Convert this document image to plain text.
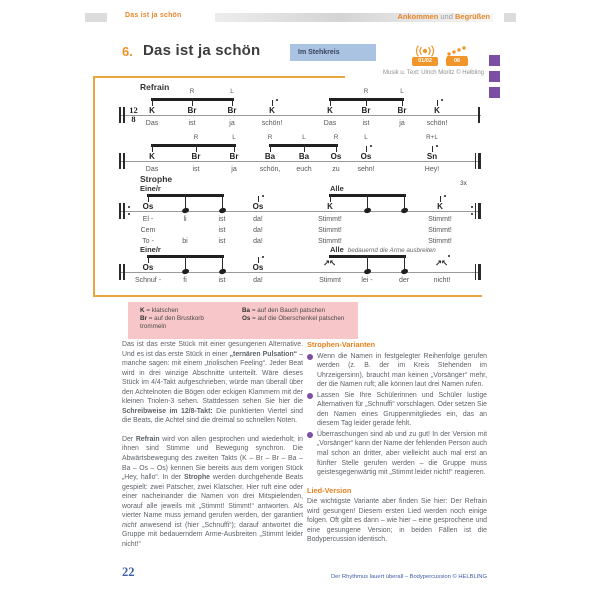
Das ist ja schön	Ankommen und Begrüßen
6. Das ist ja schön	Im Stehkreis
01/02	06
Musik u. Text: Ulrich Moritz © Helbling
Refrain
Strophe
12
8
K
Das
Br
R
ist
Br
L
ja
K
schön!
K
Das
Br
R
ist
Br
L
ja
K
schön!
K
Das
Br
R
ist
Br
L
ja
Ba
R
schön,
Ba
L
euch
Os
R
zu
Os
L
sehn!
Sn
R+L
Hey!
Os
El -
Cem
To -
li
bi
ist
ist
ist
Os
da!
da!
da!
K
Stimmt!
Stimmt!
Stimmt!
K
Stimmt!
Stimmt!
Stimmt!
Eine/r	Alle
3x
Os
Schnuf -	fi	ist
Os
da!
↗
↖
Stimmt	lei -	der
↗
↖
nicht!
Eine/r	Alle bedauernd die Arme ausbreiten
K = klatschen
Br = auf den Brustkorb trommeln
Ba = auf den Bauch patschen
Os = auf die Oberschenkel patschen

Das ist das erste Stück mit einer gesungenen Alternative. Und es ist das erste Stück in einer „ternären Pulsation“ – manche sagen: mit einem „triolischen Feeling“. Jeder Beat wird in drei winzige Abschnitte unterteilt. Wäre dieses Stück im 4/4-Takt aufgeschrieben, würde man überall über den Achtelnoten die Bögen oder eckigen Klammern mit der kleinen Triolen-3 sehen. Stattdessen sehen Sie hier die Schreibweise im 12/8-Takt: Die punktierten Viertel sind die Beats, die Achtel sind die dreimal so schnellen Noten.

Der Refrain wird von allen gesprochen und wiederholt; in ihnen sind Stimme und Bewegung synchron. Die Abwärtsbewegung des zweiten Takts (K – Br – Br – Ba – Ba – Os – Os) kennen Sie bereits aus dem vorigen Stück „Hey, hallo“. In der Strophe werden durchgehende Beats gespielt: zwei Patscher, zwei Klatscher. Hier ruft eine oder einer nacheinander die Namen von drei Mitspielenden, worauf alle jeweils mit „Stimmt! Stimmt!“ antworten. Als vierter Name muss jemand gerufen werden, der garantiert nicht anwesend ist (hier „Schnuffi“); darauf antwortet die Gruppe mit bedauerndem Arme-Ausbreiten „Stimmt leider nicht!“

Strophen-Varianten
Wenn die Namen in festgelegter Reihenfolge gerufen werden (z. B. der im Kreis Stehenden im Uhrzeigersinn), braucht man keinen „Vorsänger“ mehr, der die Namen ruft; alle können laut drei Namen rufen.
Lassen Sie Ihre Schülerinnen und Schüler lustige Alternativen für „Schnuffi“ vorschlagen. Oder setzen Sie den Namen eines Gruppenmitgliedes ein, das an diesem Tag leider gerade fehlt.
Überraschungen sind ab und zu gut! In der Version mit „Vorsänger“ kann der Name der fehlenden Person auch mal schon an dritter, aber vielleicht auch mal erst an fünfter Stelle gerufen werden – die Gruppe muss geistesgegenwärtig mit „Stimmt leider nicht!“ reagieren.
Lied-Version

Die wichtigste Variante aber finden Sie hier: Der Refrain wird gesungen! Diesem ersten Lied werden noch einige folgen. Oft gibt es dann – wie hier – eine gesprochene und eine gesungene Version; in beiden Fällen ist die Bodypercussion identisch.

22	Der Rhythmus lauert überall – Bodypercussion © HELBLING
